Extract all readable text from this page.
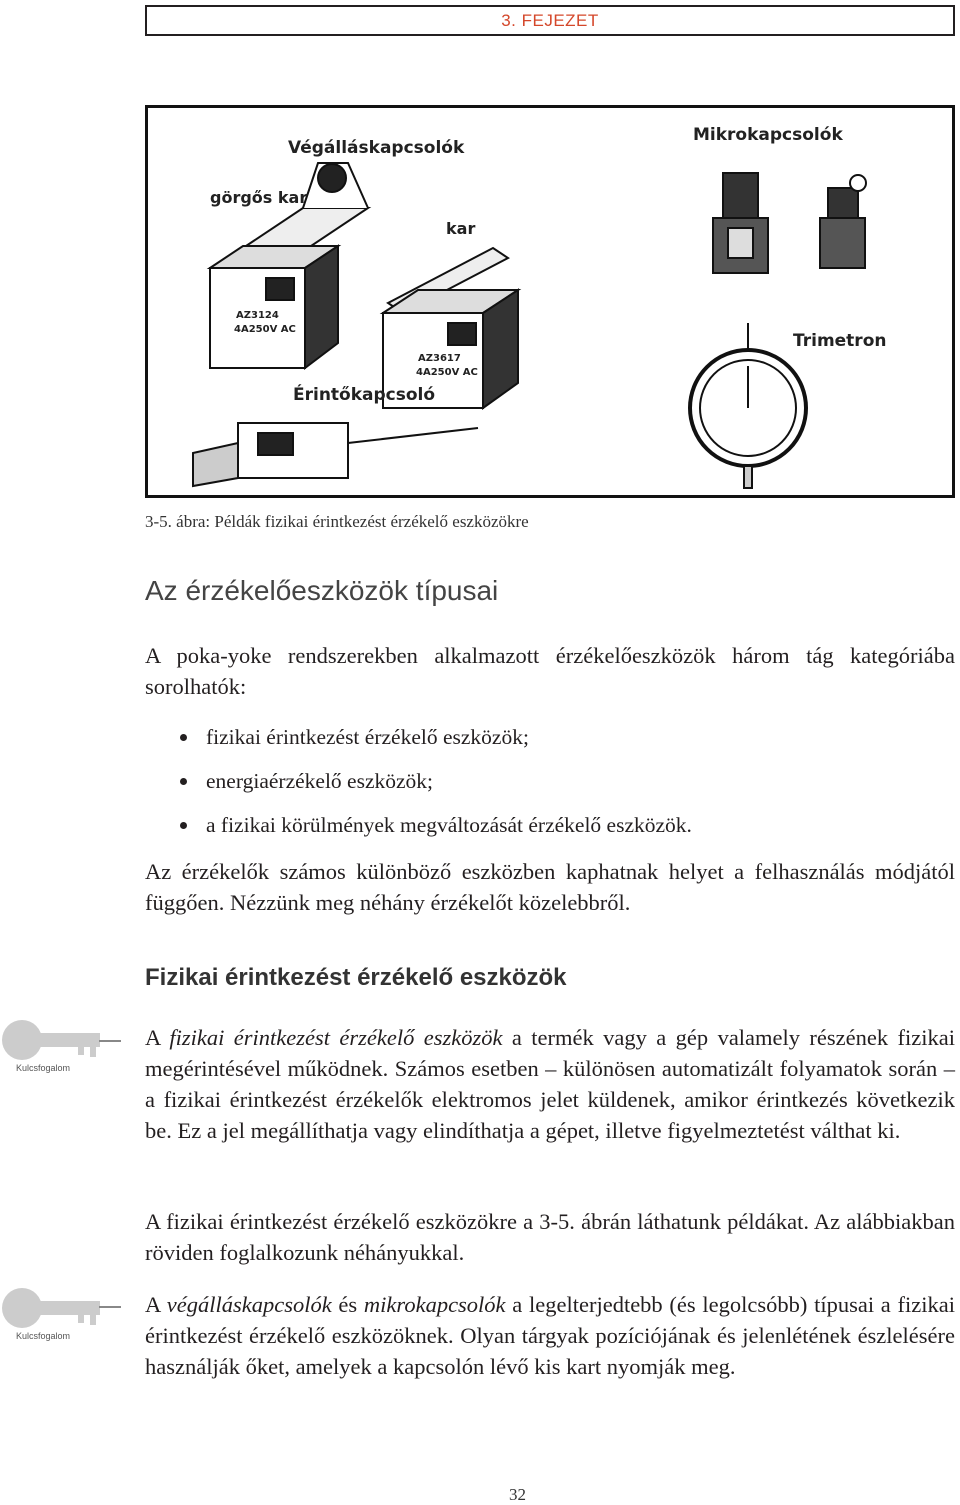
3. FEJEZET
AZ3124
4A250V AC
AZ3617
4A250V AC
Végálláskapcsolók
Mikrokapcsolók
görgős kar
kar
Trimetron
Érintőkapcsoló
3-5. ábra: Példák fizikai érintkezést érzékelő eszközökre
Az érzékelőeszközök típusai

A poka-yoke rendszerekben alkalmazott érzékelőeszközök három tág kategóriába sorolhatók:

fizikai érintkezést érzékelő eszközök;
energiaérzékelő eszközök;
a fizikai körülmények megváltozását érzékelő eszközök.

Az érzékelők számos különböző eszközben kaphatnak helyet a felhasználás módjától függően. Nézzünk meg néhány érzékelőt közelebbről.

Fizikai érintkezést érzékelő eszközök

A fizikai érintkezést érzékelő eszközök a termék vagy a gép valamely részének fizikai megérintésével működnek. Számos esetben – különösen automatizált folyamatok során – a fizikai érintkezést érzékelők elektromos jelet küldenek, amikor érintkezés következik be. Ez a jel megállíthatja vagy elindíthatja a gépet, illetve figyelmeztetést válthat ki.

A fizikai érintkezést érzékelő eszközökre a 3-5. ábrán láthatunk példákat. Az alábbiakban röviden foglalkozunk néhányukkal.

A végálláskapcsolók és mikrokapcsolók a legelterjedtebb (és legolcsóbb) típusai a fizikai érintkezést érzékelő eszközöknek. Olyan tárgyak pozíciójának és jelenlétének észlelésére használják őket, amelyek a kapcsolón lévő kis kart nyomják meg.

Kulcsfogalom
Kulcsfogalom
32
